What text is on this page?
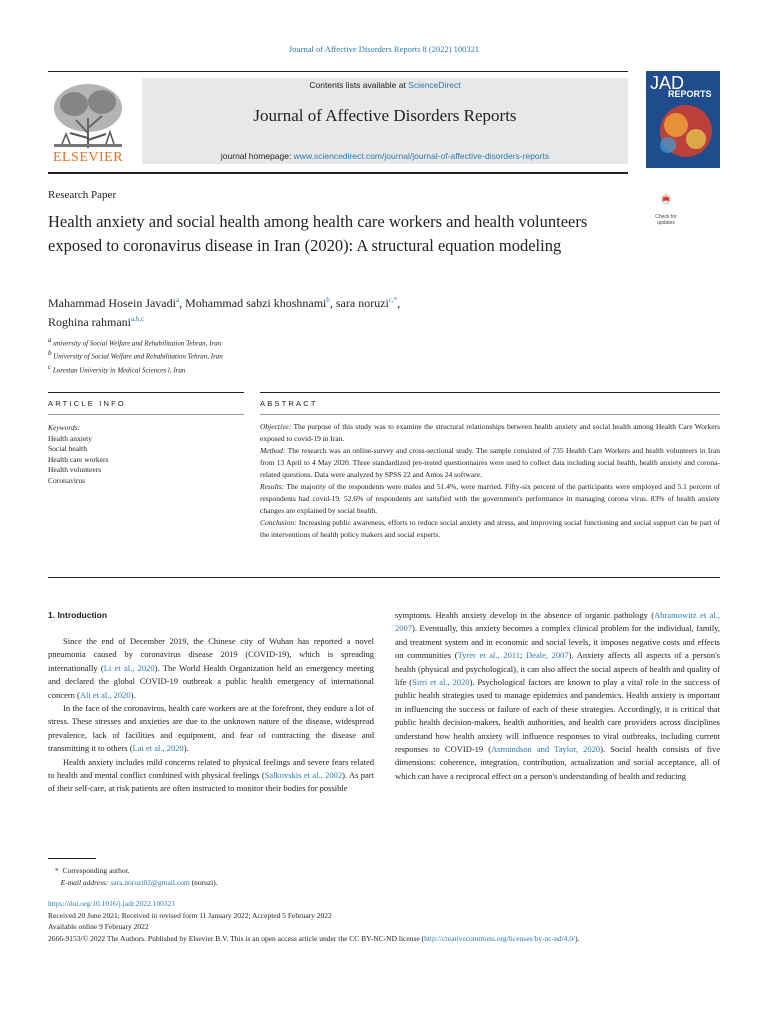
Journal of Affective Disorders Reports 8 (2022) 100321
ELSEVIER
Contents lists available at ScienceDirect
Journal of Affective Disorders Reports
journal homepage: www.sciencedirect.com/journal/journal-of-affective-disorders-reports
JAD
REPORTS
Research Paper
Health anxiety and social health among health care workers and health volunteers exposed to coronavirus disease in Iran (2020): A structural equation modeling
Check for updates
Mahammad Hosein Javadi$^a$, Mohammad sabzi khoshnami$^b$, sara noruzi$^{c,*}$,
Roghina rahmani$^{a,b,c}$
$^a$ university of Social Welfare and Rehabilitation Tehran, Iran
$^b$ University of Social Welfare and Rehabilitation Tehran, Iran
$^c$ Lorestan University in Medical Sciences l, Iran
ARTICLE INFO	ABSTRACT
Keywords:
Health anxiety
Social health
Health care workers
Health volunteers
Coronavirus

Objective: The purpose of this study was to examine the structural relationships between health anxiety and social health among Health Care Workers exposed to covid-19 in Iran.

Method: The research was an online-survey and cross-sectional study. The sample consisted of 735 Health Care Workers and health volunteers in Iran from 13 April to 4 May 2020. Three standardized pre-tested questionnaires were used to collect data including social health, health anxiety and corona-related questions. Data were analyzed by SPSS 22 and Amos 24 software.

Results: The majority of the respondents were males and 51.4%, were married. Fifty-six percent of the participants were employed and 5.1 percent of respondents had covid-19. 52.6% of respondents are satisfied with the government's performance in managing corona virus. 83% of health anxiety changes are explained by social health.

Conclusion: Increasing public awareness, efforts to reduce social anxiety and stress, and improving social functioning and social support can be part of the interventions of health policy makers and social experts.

1. Introduction

Since the end of December 2019, the Chinese city of Wuhan has reported a novel pneumonia caused by coronavirus disease 2019 (COVID-19), which is spreading internationally (Li et al., 2020). The World Health Organization held an emergency meeting and declared the global COVID-19 outbreak a public health emergency of international concern (Ali et al., 2020).

In the face of the coronavirus, health care workers are at the forefront, they endure a lot of stress. These stresses and anxieties are due to the unknown nature of the disease, widespread prevalence, lack of facilities and equipment, and fear of contracting the disease and transmitting it to others (Lai et al., 2020).

Health anxiety includes mild concerns related to physical feelings and severe fears related to health and mental conflict combined with physical feelings (Salkovskis et al., 2002). As part of their self-care, at risk patients are often instructed to monitor their bodies for possible

symptoms. Health anxiety develop in the absence of organic pathology (Abramowitz et al., 2007). Eventually, this anxiety becomes a complex clinical problem for the individual, family, and treatment system and in economic and social levels, it imposes negative costs and effects on communities (Tyrer et al., 2011; Deale, 2007). Anxiety affects all aspects of a person's health (physical and psychological), it can also affect the social aspects of health and quality of life (Sirri et al., 2020). Psychological factors are known to play a vital role in the success of public health strategies used to manage epidemics and pandemics. Health anxiety is important in influencing the success or failure of each of these strategies. Accordingly, it is critical that public health decision-makers, health authorities, and health care providers across disciplines understand how health anxiety will influence responses to viral outbreaks, including current responses to COVID-19 (Asmundson and Taylor, 2020). Social health consists of five dimensions: coherence, integration, contribution, actualization and social acceptance, all of which can have a reciprocal effect on a person's understanding of health and reducing

*  Corresponding author.
E-mail address: sara.noruzi02@gmail.com (noruzi).
https://doi.org/10.1016/j.jadr.2022.100321
Received 20 June 2021; Received in revised form 11 January 2022; Accepted 5 February 2022
Available online 9 February 2022
2666-9153/© 2022 The Authors. Published by Elsevier B.V. This is an open access article under the CC BY-NC-ND license (http://creativecommons.org/licenses/by-nc-nd/4.0/).
